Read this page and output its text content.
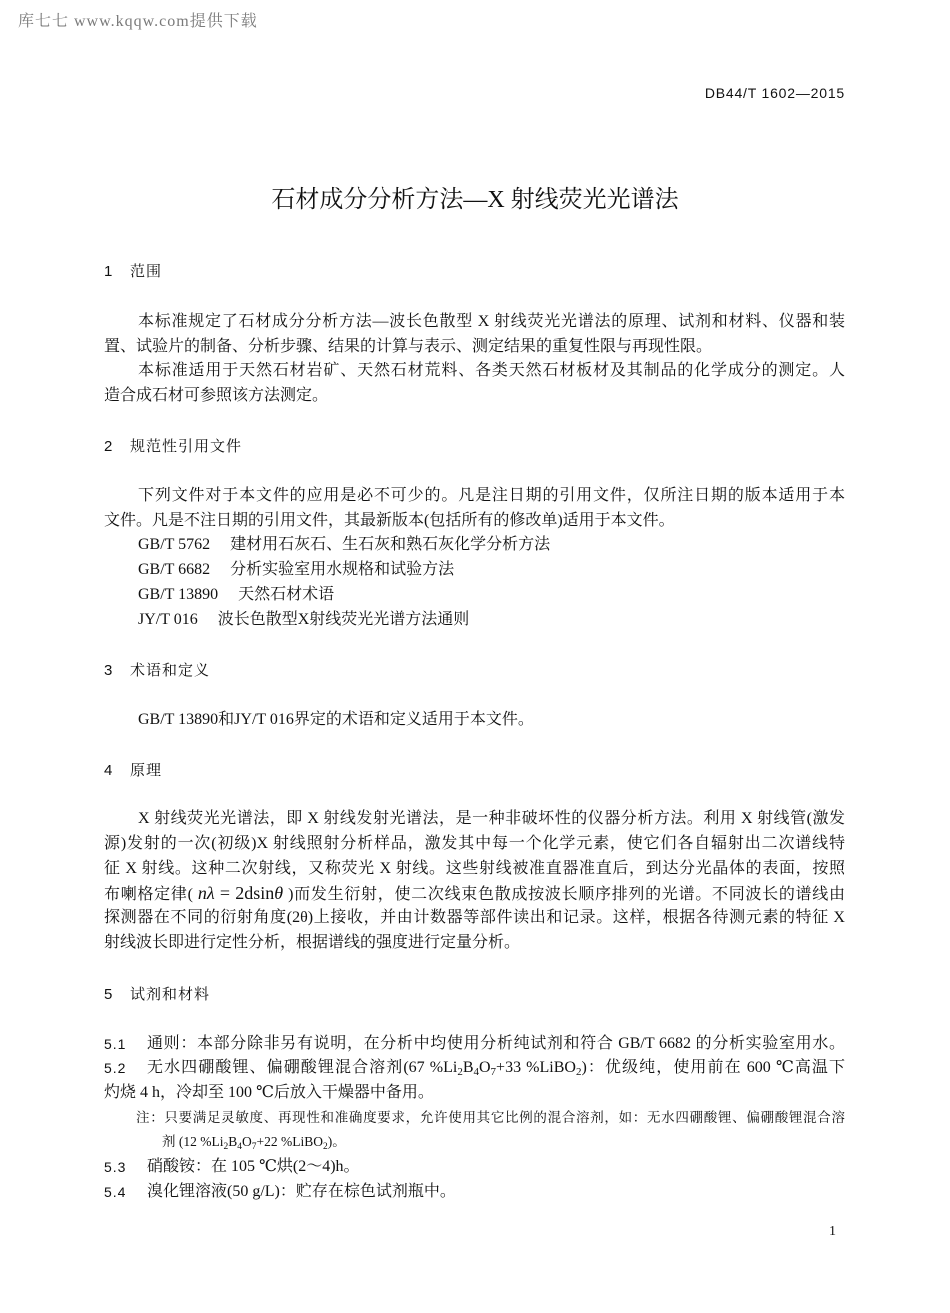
库七七 www.kqqw.com提供下载
DB44/T 1602—2015
石材成分分析方法—X 射线荧光光谱法
1 范围
本标准规定了石材成分分析方法—波长色散型 X 射线荧光光谱法的原理、试剂和材料、仪器和装
置、试验片的制备、分析步骤、结果的计算与表示、测定结果的重复性限与再现性限。
本标准适用于天然石材岩矿、天然石材荒料、各类天然石材板材及其制品的化学成分的测定。人
造合成石材可参照该方法测定。
2 规范性引用文件
下列文件对于本文件的应用是必不可少的。凡是注日期的引用文件，仅所注日期的版本适用于本
文件。凡是不注日期的引用文件，其最新版本(包括所有的修改单)适用于本文件。
GB/T 5762 建材用石灰石、生石灰和熟石灰化学分析方法
GB/T 6682 分析实验室用水规格和试验方法
GB/T 13890 天然石材术语
JY/T 016 波长色散型X射线荧光光谱方法通则
3 术语和定义
GB/T 13890和JY/T 016界定的术语和定义适用于本文件。
4 原理
X 射线荧光光谱法，即 X 射线发射光谱法，是一种非破坏性的仪器分析方法。利用 X 射线管(激发
源)发射的一次(初级)X 射线照射分析样品，激发其中每一个化学元素，使它们各自辐射出二次谱线特
征 X 射线。这种二次射线，又称荧光 X 射线。这些射线被准直器准直后，到达分光晶体的表面，按照
布喇格定律( nλ = 2dsinθ )而发生衍射，使二次线束色散成按波长顺序排列的光谱。不同波长的谱线由
探测器在不同的衍射角度(2θ)上接收，并由计数器等部件读出和记录。这样，根据各待测元素的特征 X
射线波长即进行定性分析，根据谱线的强度进行定量分析。
5 试剂和材料
5.1 通则：本部分除非另有说明，在分析中均使用分析纯试剂和符合 GB/T 6682 的分析实验室用水。
5.2 无水四硼酸锂、偏硼酸锂混合溶剂(67 $\%Li_2B_4O_7+33$ %LiBO$_2$)：优级纯，使用前在 600 ℃高温下
灼烧 4 h，冷却至 100 ℃后放入干燥器中备用。
注：只要满足灵敏度、再现性和准确度要求，允许使用其它比例的混合溶剂，如：无水四硼酸锂、偏硼酸锂混合溶
剂 (12 $\%Li_2B_4O_7+22$ %LiBO$_2$)。
5.3 硝酸铵：在 105 ℃烘(2～4)h。
5.4 溴化锂溶液(50 g/L)：贮存在棕色试剂瓶中。
1
